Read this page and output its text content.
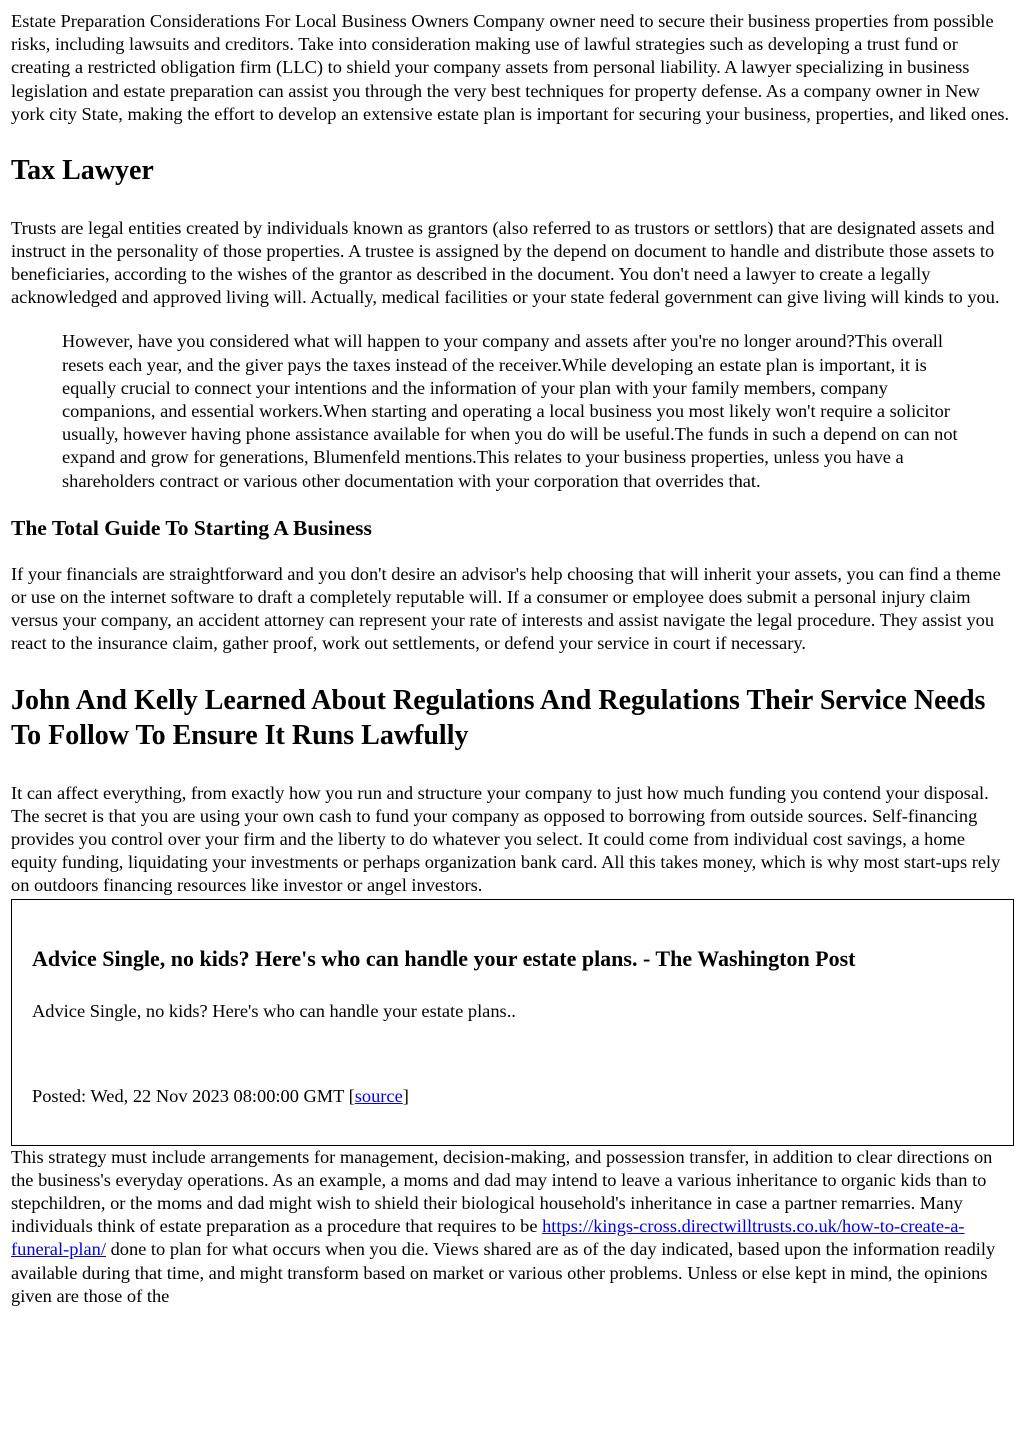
Estate Preparation Considerations For Local Business Owners Company owner need to secure their business properties from possible risks, including lawsuits and creditors. Take into consideration making use of lawful strategies such as developing a trust fund or creating a restricted obligation firm (LLC) to shield your company assets from personal liability. A lawyer specializing in business legislation and estate preparation can assist you through the very best techniques for property defense. As a company owner in New york city State, making the effort to develop an extensive estate plan is important for securing your business, properties, and liked ones.

Tax Lawyer

Trusts are legal entities created by individuals known as grantors (also referred to as trustors or settlors) that are designated assets and instruct in the personality of those properties. A trustee is assigned by the depend on document to handle and distribute those assets to beneficiaries, according to the wishes of the grantor as described in the document. You don't need a lawyer to create a legally acknowledged and approved living will. Actually, medical facilities or your state federal government can give living will kinds to you.

However, have you considered what will happen to your company and assets after you're no longer around?This overall resets each year, and the giver pays the taxes instead of the receiver.While developing an estate plan is important, it is equally crucial to connect your intentions and the information of your plan with your family members, company companions, and essential workers.When starting and operating a local business you most likely won't require a solicitor usually, however having phone assistance available for when you do will be useful.The funds in such a depend on can not expand and grow for generations, Blumenfeld mentions.This relates to your business properties, unless you have a shareholders contract or various other documentation with your corporation that overrides that.
The Total Guide To Starting A Business

If your financials are straightforward and you don't desire an advisor's help choosing that will inherit your assets, you can find a theme or use on the internet software to draft a completely reputable will. If a consumer or employee does submit a personal injury claim versus your company, an accident attorney can represent your rate of interests and assist navigate the legal procedure. They assist you react to the insurance claim, gather proof, work out settlements, or defend your service in court if necessary.

John And Kelly Learned About Regulations And Regulations Their Service Needs To Follow To Ensure It Runs Lawfully

It can affect everything, from exactly how you run and structure your company to just how much funding you contend your disposal. The secret is that you are using your own cash to fund your company as opposed to borrowing from outside sources. Self-financing provides you control over your firm and the liberty to do whatever you select. It could come from individual cost savings, a home equity funding, liquidating your investments or perhaps organization bank card. All this takes money, which is why most start-ups rely on outdoors financing resources like investor or angel investors.

Advice Single, no kids? Here's who can handle your estate plans. - The Washington Post

Advice Single, no kids? Here's who can handle your estate plans..

Posted: Wed, 22 Nov 2023 08:00:00 GMT [source]

This strategy must include arrangements for management, decision-making, and possession transfer, in addition to clear directions on the business's everyday operations. As an example, a moms and dad may intend to leave a various inheritance to organic kids than to stepchildren, or the moms and dad might wish to shield their biological household's inheritance in case a partner remarries. Many individuals think of estate preparation as a procedure that requires to be https://kings-cross.directwilltrusts.co.uk/how-to-create-a-funeral-plan/ done to plan for what occurs when you die. Views shared are as of the day indicated, based upon the information readily available during that time, and might transform based on market or various other problems. Unless or else kept in mind, the opinions given are those of the
